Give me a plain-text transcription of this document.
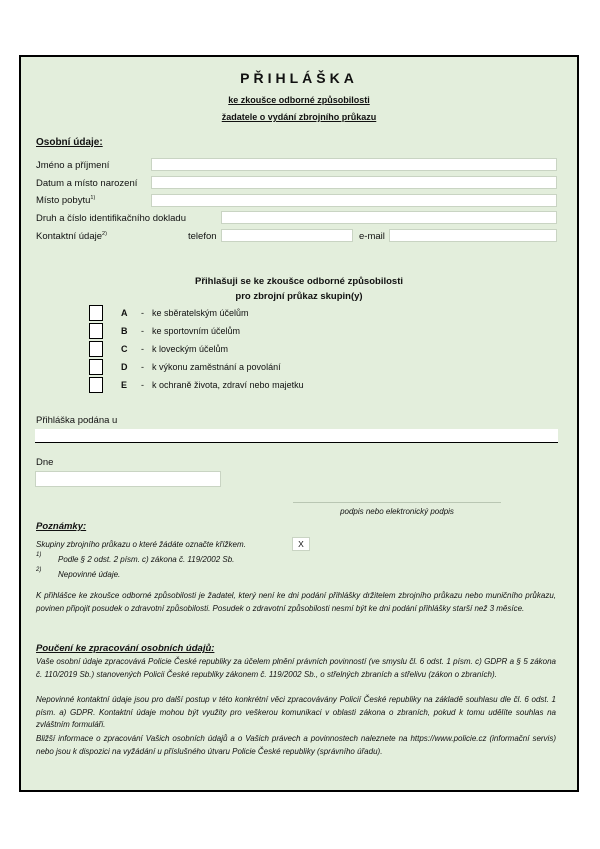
PŘIHLÁŠKA
ke zkoušce odborné způsobilosti
žadatele o vydání zbrojního průkazu
Osobní údaje:
Jméno a příjmení
Datum a místo narození
Místo pobytu$^{1)}$
Druh a číslo identifikačního dokladu
Kontaktní údaje$^{2)}$	telefon	e-mail
Přihlašuji se ke zkoušce odborné způsobilosti
pro zbrojní průkaz skupin(y)
A - ke sběratelským účelům
B - ke sportovním účelům
C - k loveckým účelům
D - k výkonu zaměstnání a povolání
E - k ochraně života, zdraví nebo majetku
Přihláška podána u
Dne
podpis nebo elektronický podpis
Poznámky:
Skupiny zbrojního průkazu o které žádáte označte křížkem.	X
1) Podle § 2 odst. 2 písm. c) zákona č. 119/2002 Sb.
2) Nepovinné údaje.
K přihlášce ke zkoušce odborné způsobilosti je žadatel, který není ke dni podání přihlášky držitelem zbrojního průkazu nebo muničního průkazu, povinen připojit posudek o zdravotní způsobilosti. Posudek o zdravotní způsobilosti nesmí být ke dni podání přihlášky starší než 3 měsíce.
Poučení ke zpracování osobních údajů:
Vaše osobní údaje zpracovává Policie České republiky za účelem plnění právních povinností (ve smyslu čl. 6 odst. 1 písm. c) GDPR a § 5 zákona č. 110/2019 Sb.) stanovených Policii České republiky zákonem č. 119/2002 Sb., o střelných zbraních a střelivu (zákon o zbraních).
Nepovinné kontaktní údaje jsou pro další postup v této konkrétní věci zpracovávány Policií České republiky na základě souhlasu dle čl. 6 odst. 1 písm. a) GDPR. Kontaktní údaje mohou být využity pro veškerou komunikaci v oblasti zákona o zbraních, pokud k tomu udělíte souhlas na zvláštním formuláři.
Bližší informace o zpracování Vašich osobních údajů a o Vašich právech a povinnostech naleznete na https://www.policie.cz (informační servis) nebo jsou k dispozici na vyžádání u příslušného útvaru Policie České republiky (správního úřadu).
